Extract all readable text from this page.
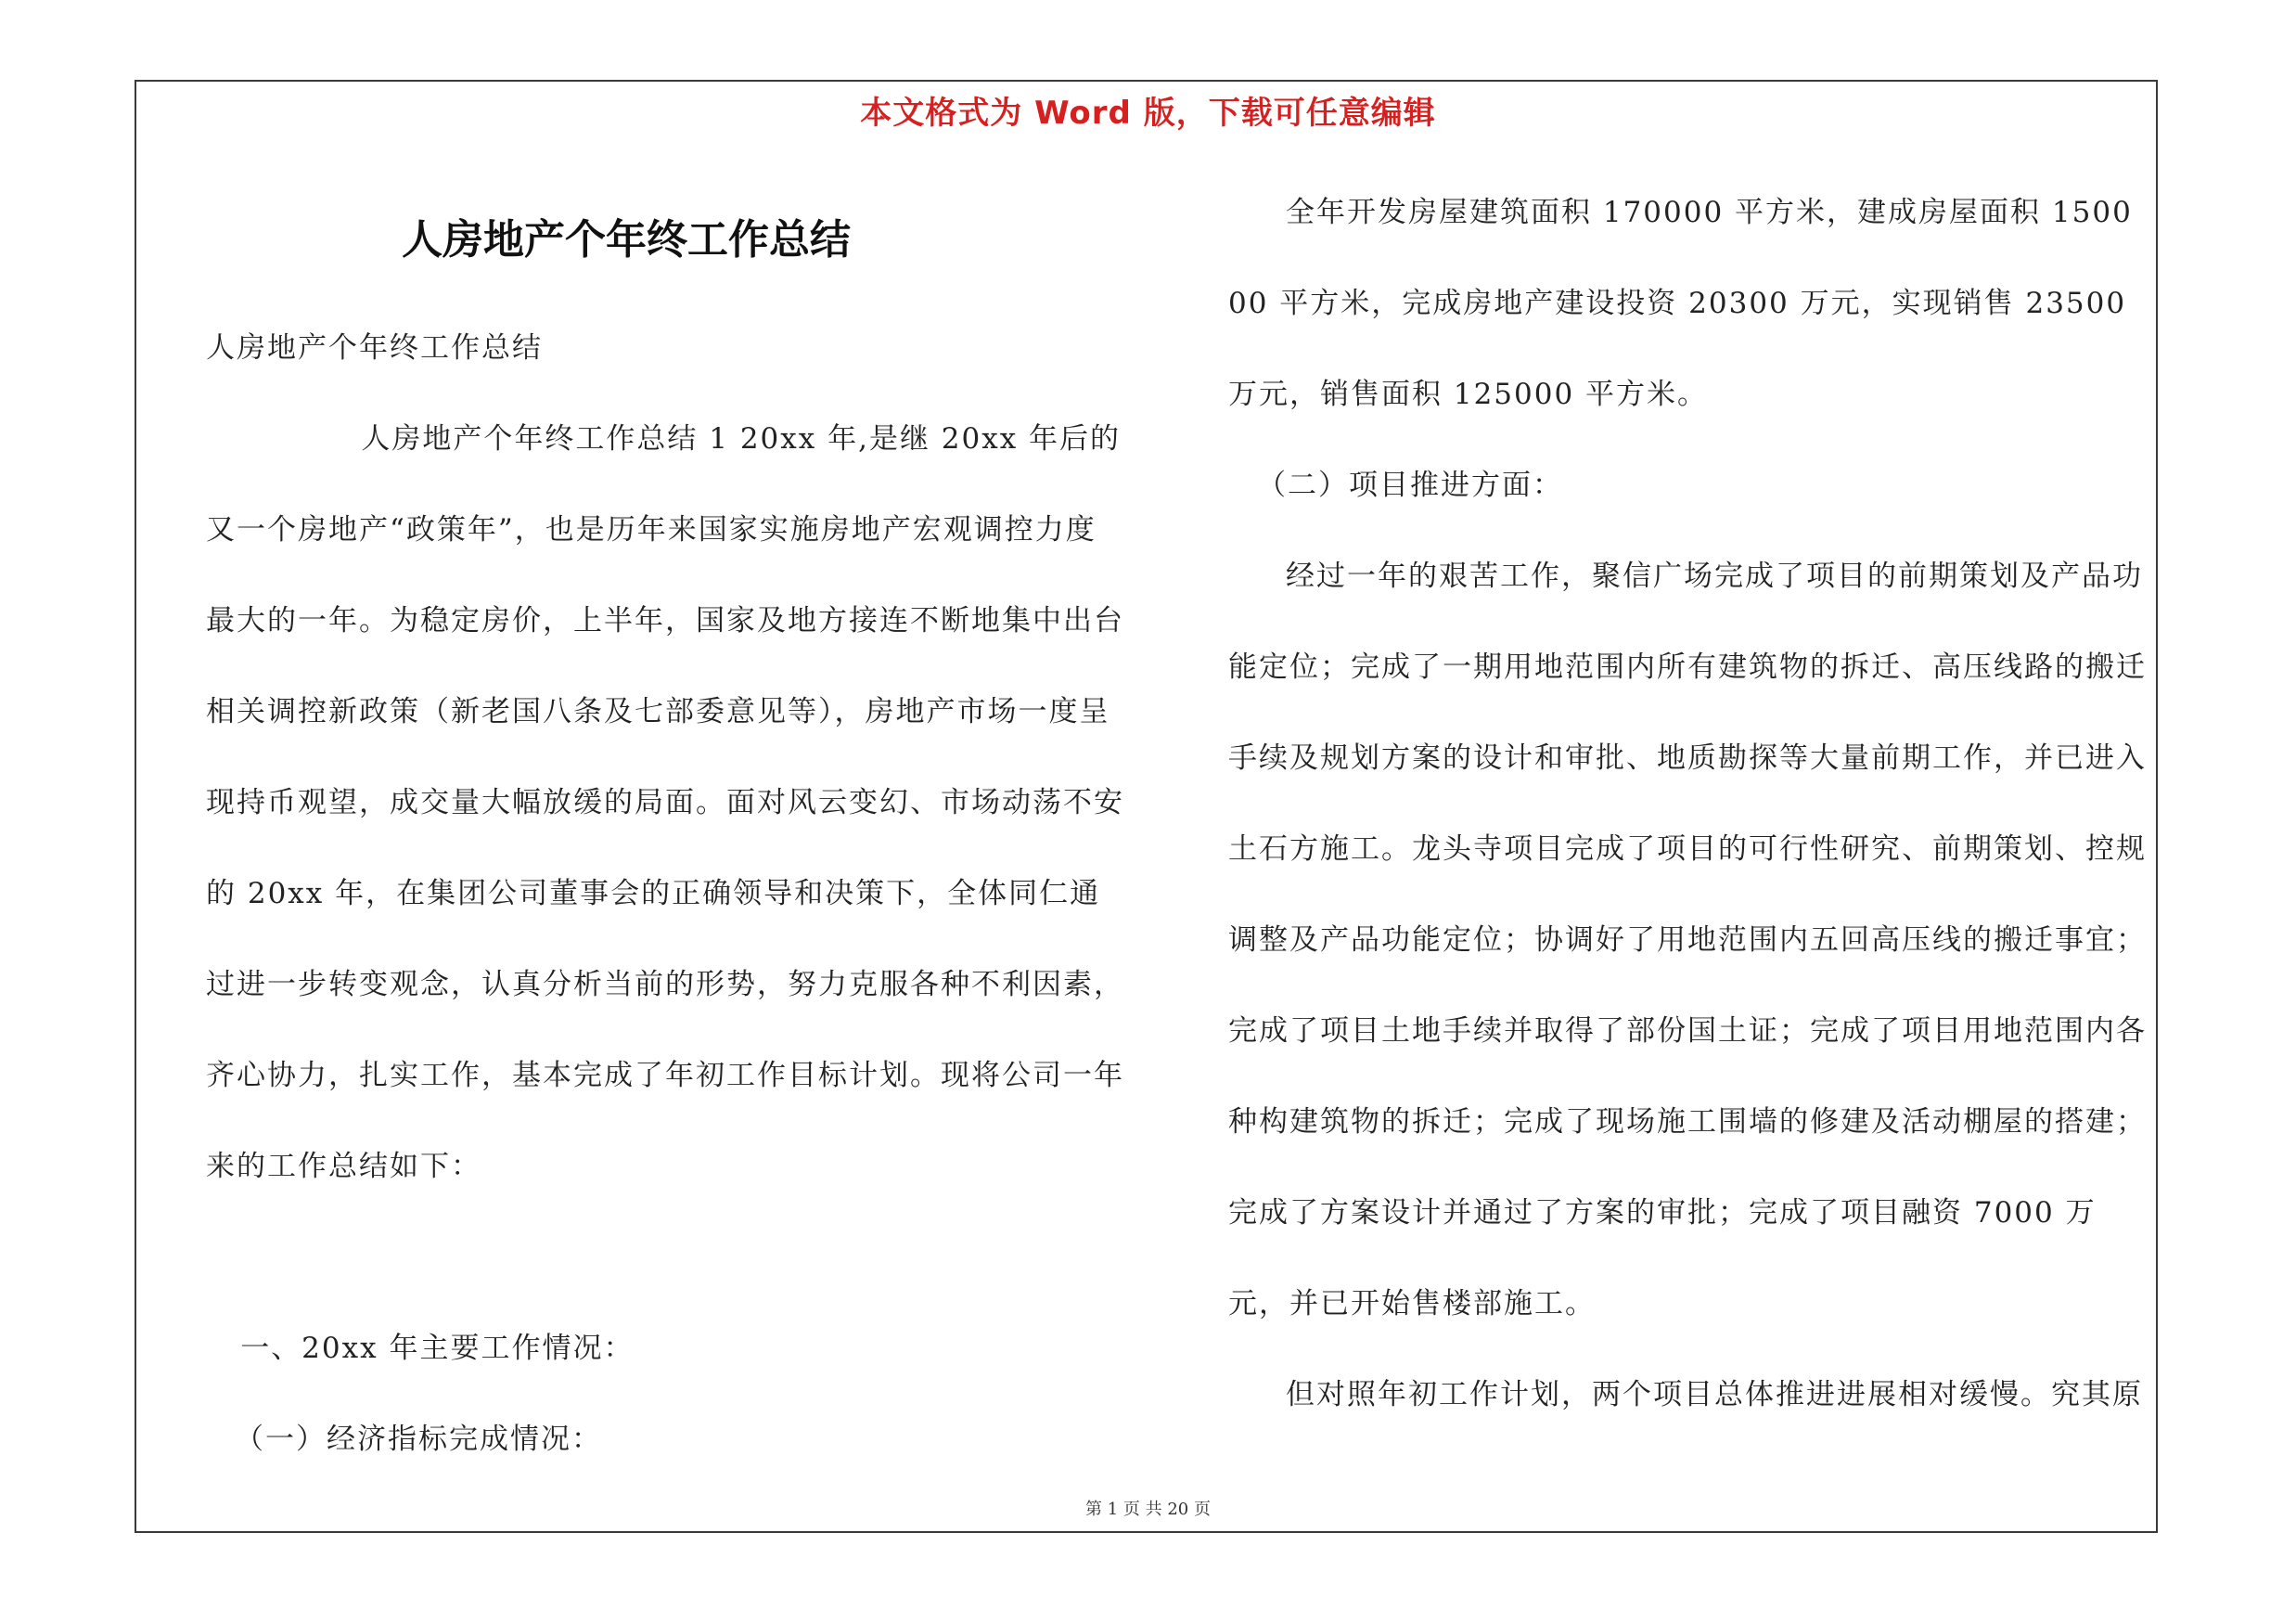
本文格式为 Word 版，下载可任意编辑
人房地产个年终工作总结

人房地产个年终工作总结

人房地产个年终工作总结 1 20xx 年,是继 20xx 年后的又一个房地产“政策年”，也是历年来国家实施房地产宏观调控力度最大的一年。为稳定房价，上半年，国家及地方接连不断地集中出台相关调控新政策（新老国八条及七部委意见等），房地产市场一度呈现持币观望，成交量大幅放缓的局面。面对风云变幻、市场动荡不安的 20xx 年，在集团公司董事会的正确领导和决策下，全体同仁通过进一步转变观念，认真分析当前的形势，努力克服各种不利因素，齐心协力，扎实工作，基本完成了年初工作目标计划。现将公司一年来的工作总结如下：

一、20xx 年主要工作情况：

（一）经济指标完成情况：

全年开发房屋建筑面积 170000 平方米，建成房屋面积 150000 平方米，完成房地产建设投资 20300 万元，实现销售 23500 万元，销售面积 125000 平方米。

（二）项目推进方面：

经过一年的艰苦工作，聚信广场完成了项目的前期策划及产品功能定位；完成了一期用地范围内所有建筑物的拆迁、高压线路的搬迁手续及规划方案的设计和审批、地质勘探等大量前期工作，并已进入土石方施工。龙头寺项目完成了项目的可行性研究、前期策划、控规调整及产品功能定位；协调好了用地范围内五回高压线的搬迁事宜；完成了项目土地手续并取得了部份国土证；完成了项目用地范围内各种构建筑物的拆迁；完成了现场施工围墙的修建及活动棚屋的搭建；完成了方案设计并通过了方案的审批；完成了项目融资 7000 万元，并已开始售楼部施工。

但对照年初工作计划，两个项目总体推进进展相对缓慢。究其原

第 1 页 共 20 页
